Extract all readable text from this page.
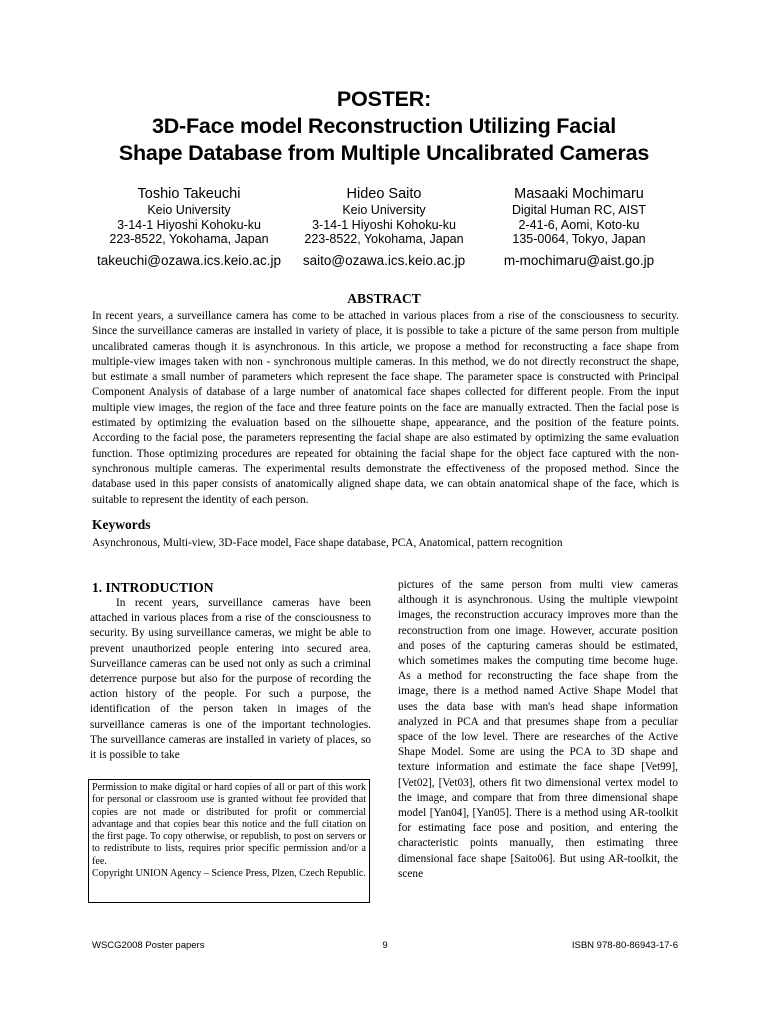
POSTER:
3D-Face model Reconstruction Utilizing Facial
Shape Database from Multiple Uncalibrated Cameras
Toshio Takeuchi
Keio University
3-14-1 Hiyoshi Kohoku-ku
223-8522, Yokohama, Japan
takeuchi@ozawa.ics.keio.ac.jp
Hideo Saito
Keio University
3-14-1 Hiyoshi Kohoku-ku
223-8522, Yokohama, Japan
saito@ozawa.ics.keio.ac.jp
Masaaki Mochimaru
Digital Human RC, AIST
2-41-6, Aomi, Koto-ku
135-0064, Tokyo, Japan
m-mochimaru@aist.go.jp
ABSTRACT
In recent years, a surveillance camera has come to be attached in various places from a rise of the consciousness to security. Since the surveillance cameras are installed in variety of place, it is possible to take a picture of the same person from multiple uncalibrated cameras though it is asynchronous. In this article, we propose a method for reconstructing a face shape from multiple-view images taken with non - synchronous multiple cameras. In this method, we do not directly reconstruct the shape, but estimate a small number of parameters which represent the face shape. The parameter space is constructed with Principal Component Analysis of database of a large number of anatomical face shapes collected for different people. From the input multiple view images, the region of the face and three feature points on the face are manually extracted. Then the facial pose is estimated by optimizing the evaluation based on the silhouette shape, appearance, and the position of the feature points. According to the facial pose, the parameters representing the facial shape are also estimated by optimizing the same evaluation function. Those optimizing procedures are repeated for obtaining the facial shape for the object face captured with the non-synchronous multiple cameras. The experimental results demonstrate the effectiveness of the proposed method. Since the database used in this paper consists of anatomically aligned shape data, we can obtain anatomical shape of the face, which is suitable to represent the identity of each person.
Keywords
Asynchronous, Multi-view, 3D-Face model, Face shape database, PCA, Anatomical, pattern recognition
1. INTRODUCTION
In recent years, surveillance cameras have been attached in various places from a rise of the consciousness to security. By using surveillance cameras, we might be able to prevent unauthorized people entering into secured area. Surveillance cameras can be used not only as such a criminal deterrence purpose but also for the purpose of recording the action history of the people. For such a purpose, the identification of the person taken in images of the surveillance cameras is one of the important technologies. The surveillance cameras are installed in variety of places, so it is possible to take
Permission to make digital or hard copies of all or part of this work for personal or classroom use is granted without fee provided that copies are not made or distributed for profit or commercial advantage and that copies bear this notice and the full citation on the first page. To copy otherwise, or republish, to post on servers or to redistribute to lists, requires prior specific permission and/or a fee.
Copyright UNION Agency – Science Press, Plzen, Czech Republic.
pictures of the same person from multi view cameras although it is asynchronous. Using the multiple viewpoint images, the reconstruction accuracy improves more than the reconstruction from one image. However, accurate position and poses of the capturing cameras should be estimated, which sometimes makes the computing time become huge. As a method for reconstructing the face shape from the image, there is a method named Active Shape Model that uses the data base with man's head shape information analyzed in PCA and that presumes shape from a peculiar space of the low level. There are researches of the Active Shape Model. Some are using the PCA to 3D shape and texture information and estimate the face shape [Vet99], [Vet02], [Vet03], others fit two dimensional vertex model to the image, and compare that from three dimensional shape model [Yan04], [Yan05]. There is a method using AR-toolkit for estimating face pose and position, and entering the characteristic points manually, then estimating three dimensional face shape [Saito06]. But using AR-toolkit, the scene
WSCG2008 Poster papers	9	ISBN 978-80-86943-17-6
